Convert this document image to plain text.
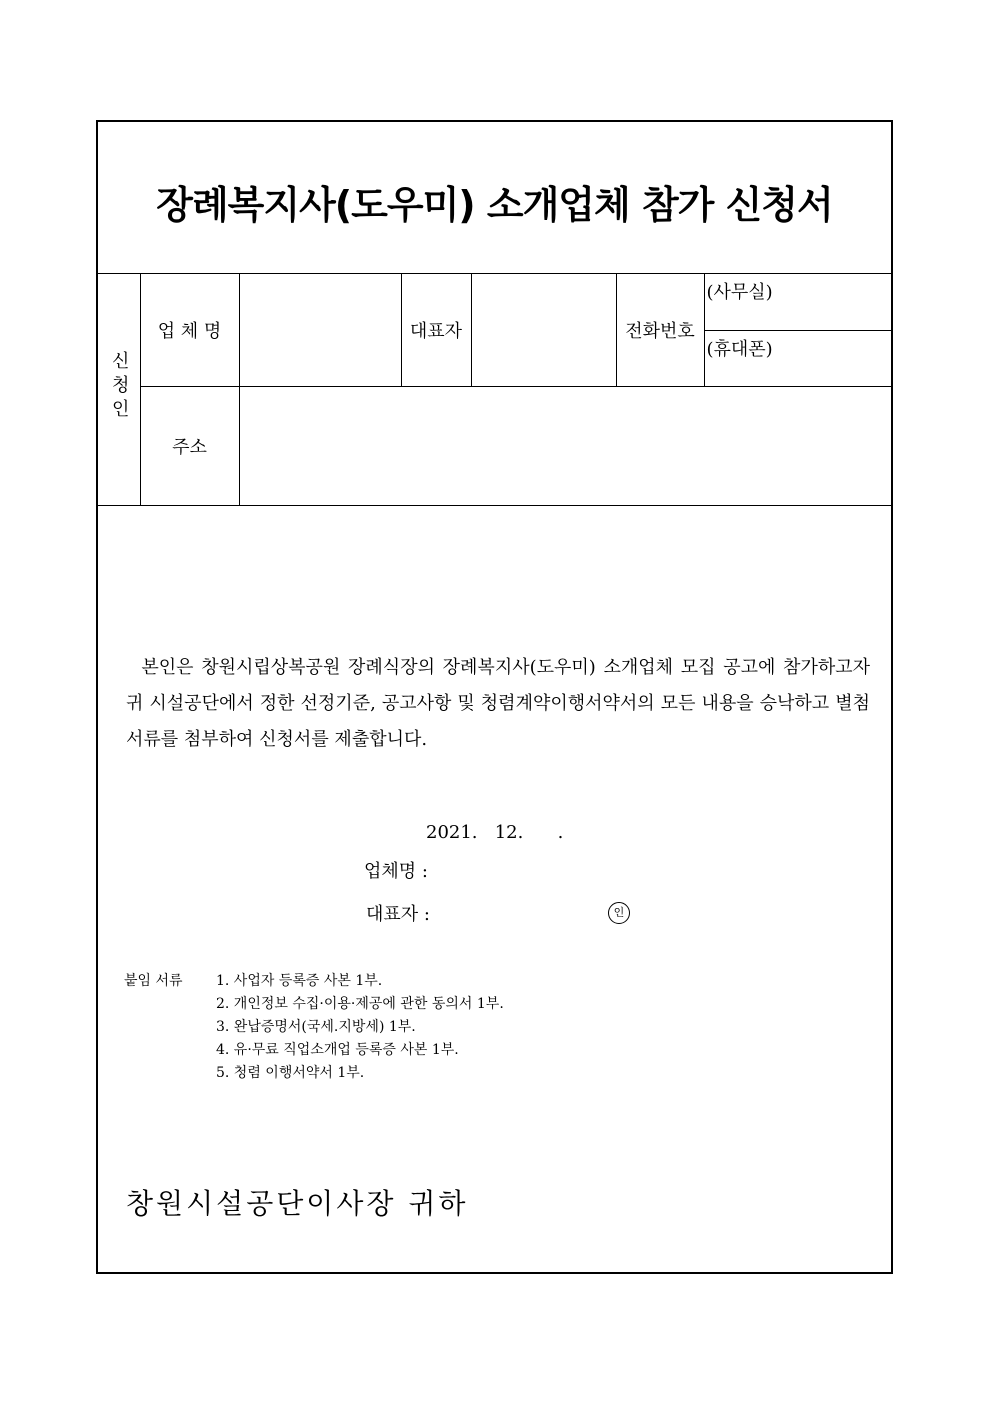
장례복지사(도우미) 소개업체 참가 신청서
신청인	업 체 명		대표자		전화번호	(사무실)
						(휴대폰)
	주소					
본인은 창원시립상복공원 장례식장의 장례복지사(도우미) 소개업체 모집 공고에 참가하고자 귀 시설공단에서 정한 선정기준, 공고사항 및 청렴계약이행서약서의 모든 내용을 승낙하고 별첨서류를 첨부하여 신청서를 제출합니다.
2021.   12.      .
업체명 :
대표자 :	인
붙임 서류 1. 사업자 등록증 사본 1부.
2. 개인정보 수집·이용·제공에 관한 동의서 1부.
3. 완납증명서(국세.지방세) 1부.
4. 유·무료 직업소개업 등록증 사본 1부.
5. 청렴 이행서약서 1부.
창원시설공단이사장 귀하
